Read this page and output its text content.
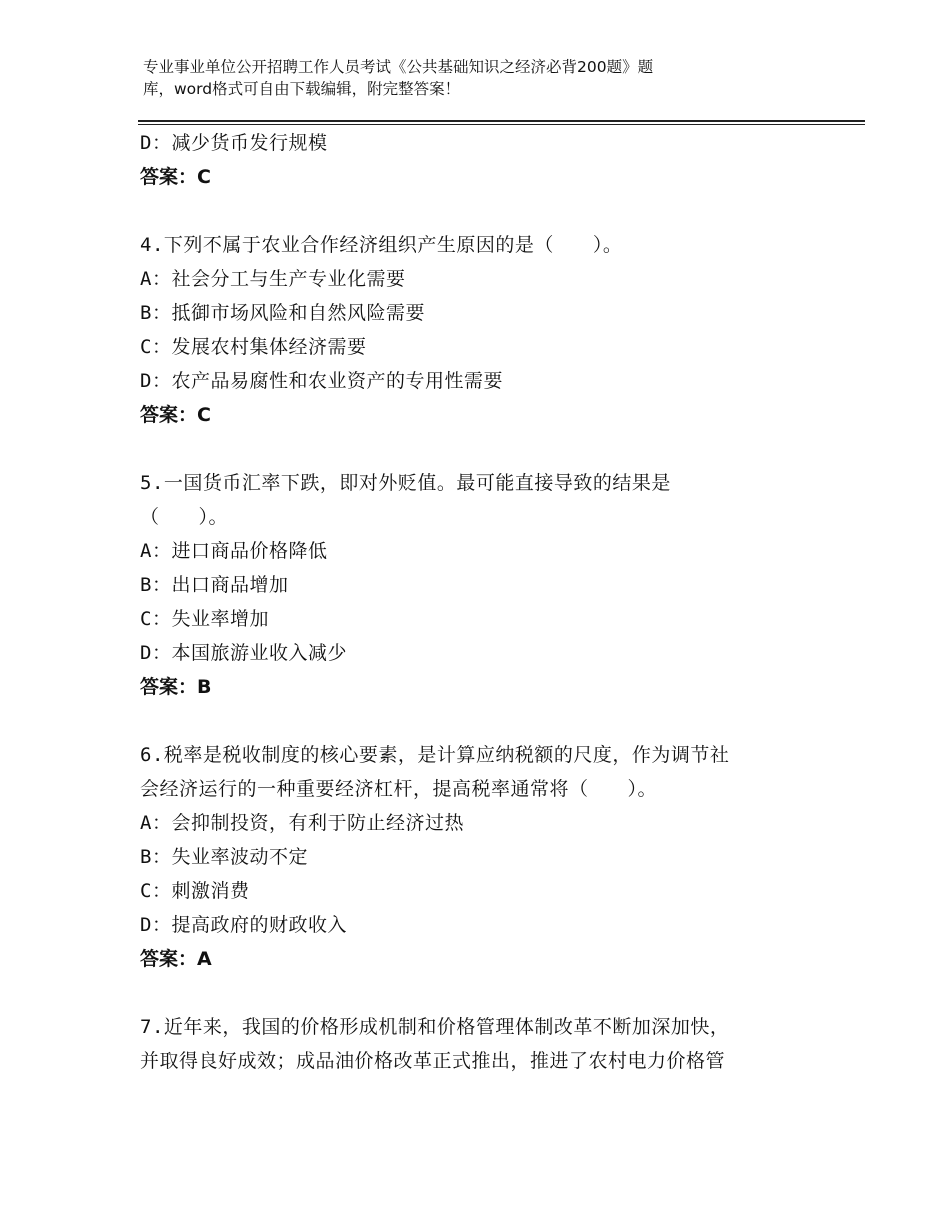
专业事业单位公开招聘工作人员考试《公共基础知识之经济必背200题》题
库，word格式可自由下载编辑，附完整答案！
D：减少货币发行规模
答案：C
4.下列不属于农业合作经济组织产生原因的是（　　）。
A：社会分工与生产专业化需要
B：抵御市场风险和自然风险需要
C：发展农村集体经济需要
D：农产品易腐性和农业资产的专用性需要
答案：C
5.一国货币汇率下跌，即对外贬值。最可能直接导致的结果是
（　　）。
A：进口商品价格降低
B：出口商品增加
C：失业率增加
D：本国旅游业收入减少
答案：B
6.税率是税收制度的核心要素，是计算应纳税额的尺度，作为调节社
会经济运行的一种重要经济杠杆，提高税率通常将（　　）。
A：会抑制投资，有利于防止经济过热
B：失业率波动不定
C：刺激消费
D：提高政府的财政收入
答案：A
7.近年来，我国的价格形成机制和价格管理体制改革不断加深加快，
并取得良好成效；成品油价格改革正式推出，推进了农村电力价格管
